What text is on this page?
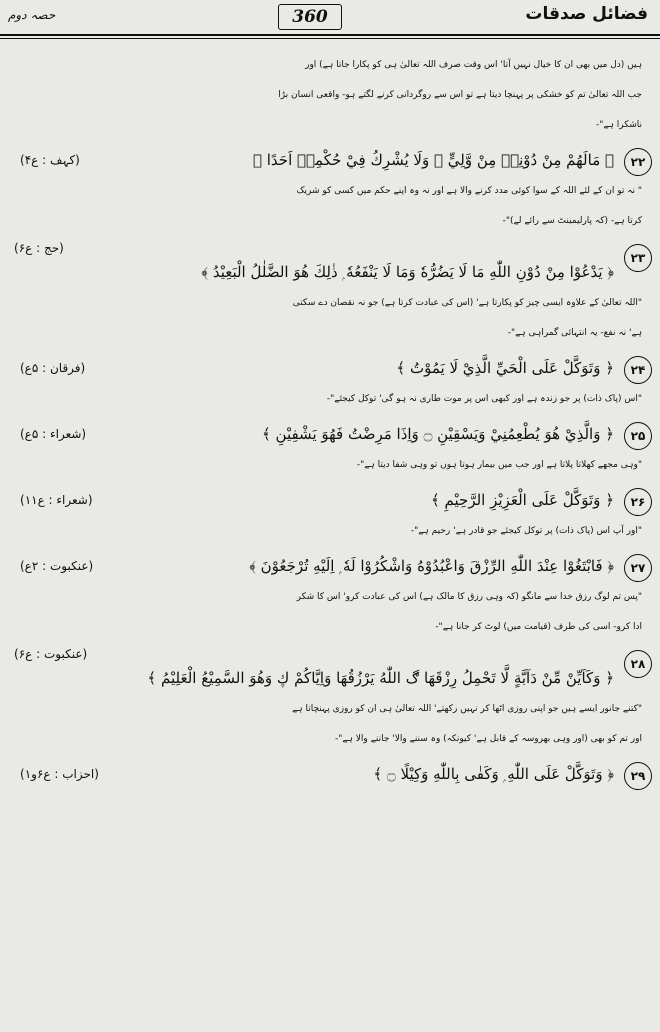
حصہ دوم	360	فضائل صدقات
ہیں (دل میں بھی ان کا خیال نہیں آتا' اس وقت صرف اللہ تعالیٰ ہی کو پکارا جاتا ہے) اور
جب اللہ تعالیٰ تم کو خشکی پر پہنچا دیتا ہے تو اس سے روگردانی کرنے لگتے ہو- واقعی انسان بڑا
ناشکرا ہے"-
۲۲
﴿ مَالَهُمْ مِنْ دُوْنِهٖ مِنْ وَّلِيٍّ ۡ وَلَا يُشْرِكُ فِيْ حُكْمِهٖ اَحَدًا ﴾
(کہف : ع۴)
" نہ تو ان کے لئے اللہ کے سوا کوئی مدد کرنے والا ہے اور نہ وہ اپنے حکم میں کسی کو شریک
کرتا ہے- (کہ پارلیمینٹ سے رائے لے)"-
(حج : ع۶)
۲۳
﴿ يَدْعُوْا مِنْ دُوْنِ اللّٰهِ مَا لَا يَضُرُّهٗ وَمَا لَا يَنْفَعُهٗ ۭ ذٰلِكَ هُوَ الضَّلٰلُ الْبَعِيْدُ ﴾
"اللہ تعالیٰ کے علاوہ ایسی چیز کو پکارتا ہے' (اس کی عبادت کرتا ہے) جو نہ نقصان دے سکتی
ہے' نہ نفع- یہ انتہائی گمراہی ہے"-
۲۴
﴿ وَتَوَكَّلْ عَلَى الْحَيِّ الَّذِيْ لَا يَمُوْتُ ﴾
(فرقان : ۵ع)
"اس (پاک ذات) پر جو زندہ ہے اور کبھی اس پر موت طاری نہ ہو گی' توکل کیجئے"-
۲۵
﴿ وَالَّذِيْ هُوَ يُطْعِمُنِيْ وَيَسْقِيْنِ ۝ وَاِذَا مَرِضْتُ فَهُوَ يَشْفِيْنِ ﴾
(شعراء : ۵ع)
"وہی مجھے کھلاتا پلاتا ہے اور جب میں بیمار ہوتا ہوں تو وہی شفا دیتا ہے"-
۲۶
﴿ وَتَوَكَّلْ عَلَى الْعَزِيْزِ الرَّحِيْمِ ﴾
(شعراء : ع۱۱)
"اور آپ اس (پاک ذات) پر توکل کیجئے جو قادر ہے' رحیم ہے"-
۲۷
﴿ فَابْتَغُوْا عِنْدَ اللّٰهِ الرِّزْقَ وَاعْبُدُوْهُ وَاشْكُرُوْا لَهٗ ۭ اِلَيْهِ تُرْجَعُوْنَ ﴾
(عنکبوت : ۲ع)
"پس تم لوگ رزق خدا سے مانگو (کہ وہی رزق کا مالک ہے) اس کی عبادت کرو' اس کا شکر
ادا کرو- اسی کی طرف (قیامت میں) لوٹ کر جانا ہے"-
(عنکبوت : ع۶)
۲۸
﴿ وَكَاَيِّنْ مِّنْ دَآبَّةٍ لَّا تَحْمِلُ رِزْقَهَا ڰ اللّٰهُ يَرْزُقُهَا وَاِيَّاكُمْ ڮ وَهُوَ السَّمِيْعُ الْعَلِيْمُ ﴾
"کتنے جانور ایسے ہیں جو اپنی روزی اٹھا کر نہیں رکھتے' اللہ تعالیٰ ہی ان کو روزی پہنچاتا ہے
اور تم کو بھی (اور وہی بھروسہ کے قابل ہے' کیونکہ) وہ سننے والا' جاننے والا ہے"-
۲۹
﴿ وَتَوَكَّلْ عَلَى اللّٰهِ ۭ وَكَفٰى بِاللّٰهِ وَكِيْلًا ۝ ﴾
(احزاب : ع۶و۱)
